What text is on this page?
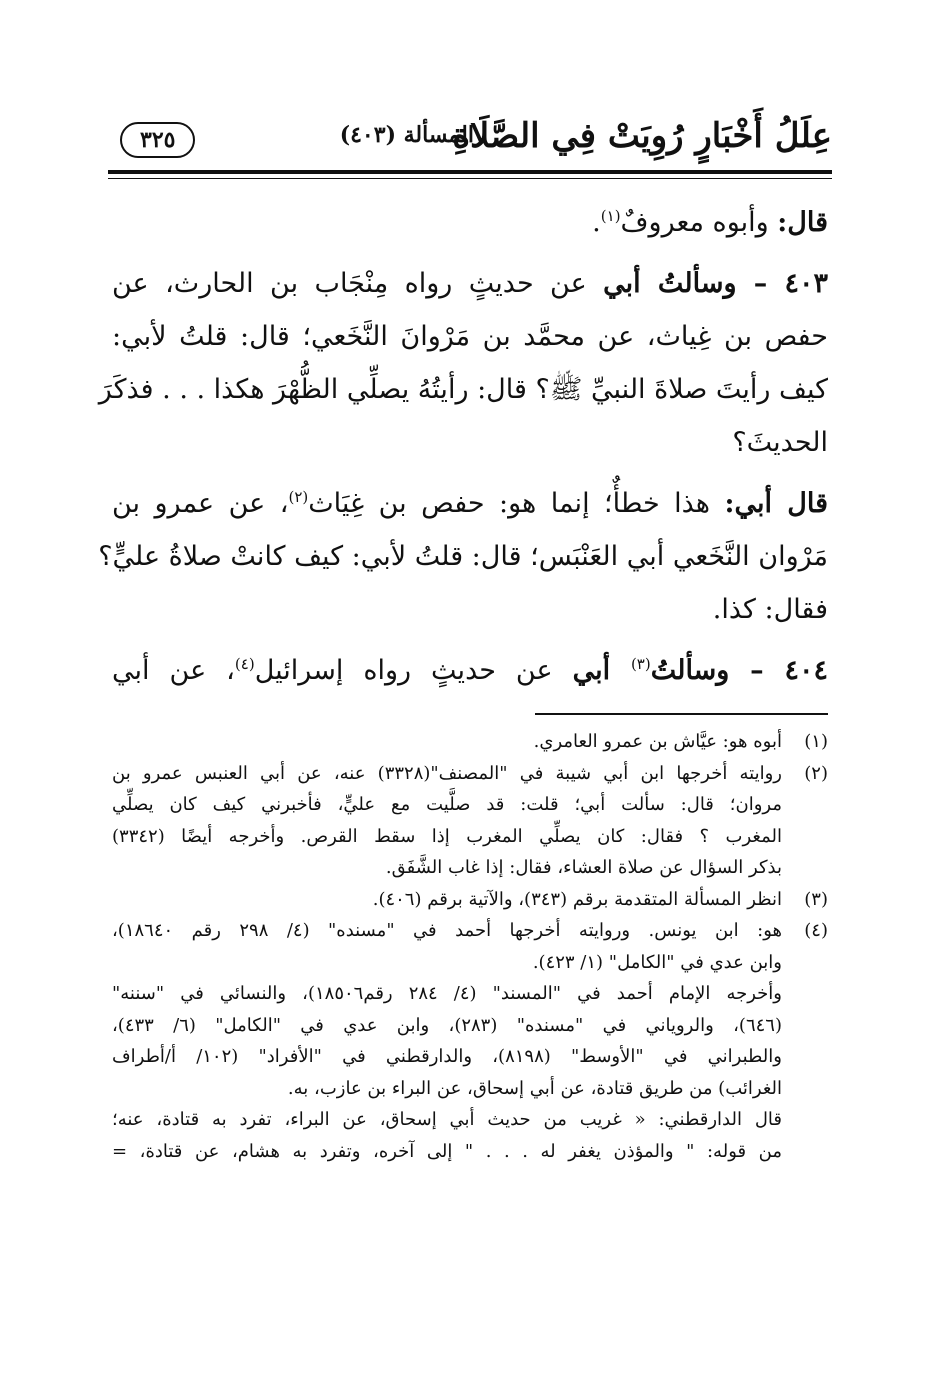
عِلَلُ أَخْبَارٍ رُوِيَتْ فِي الصَّلَاةِ
المسألة (٤٠٣)
٣٢٥

قال: وأبوه معروفٌ$^{(١)}$.

٤٠٣ – وسألتُ أبي عن حديثٍ رواه مِنْجَاب بن الحارث، عن
حفص بن غِياث، عن محمَّد بن مَرْوانَ النَّخَعي؛ قال: قلتُ لأبي:
كيف رأيتَ صلاةَ النبيِّ ﷺ؟ قال: رأيتُهُ يصلِّي الظُّهْرَ هكذا . . . فذكَرَ
الحديثَ؟

قال أبي: هذا خطأٌ؛ إنما هو: حفص بن غِيَاث$^{(٢)}$، عن عمرو بن
مَرْوان النَّخَعي أبي العَنْبَس؛ قال: قلتُ لأبي: كيف كانتْ صلاةُ عليٍّ؟
فقال: كذا.

٤٠٤ – وسألتُ$^{(٣)}$ أبي عن حديثٍ رواه إسرائيل$^{(٤)}$، عن أبي

(١)
أبوه هو: عيَّاش بن عمرو العامري.
(٢)
روايته أخرجها ابن أبي شيبة في "المصنف"(٣٣٢٨) عنه، عن أبي العنبس عمرو بن
مروان؛ قال: سألت أبي؛ قلت: قد صلَّيت مع عليٍّ، فأخبرني كيف كان يصلِّي
المغرب ؟ فقال: كان يصلِّي المغرب إذا سقط القرص. وأخرجه أيضًا (٣٣٤٢)
بذكر السؤال عن صلاة العشاء، فقال: إذا غاب الشَّفَق.
(٣)
انظر المسألة المتقدمة برقم (٣٤٣)، والآتية برقم (٤٠٦).
(٤)
هو: ابن يونس. وروايته أخرجها أحمد في "مسنده" (٤/ ٢٩٨ رقم ١٨٦٤٠)،
وابن عدي في "الكامل" (١/ ٤٢٣).
وأخرجه الإمام أحمد في "المسند" (٤/ ٢٨٤ رقم١٨٥٠٦)، والنسائي في "سننه"
(٦٤٦)، والروياني في "مسنده" (٢٨٣)، وابن عدي في "الكامل" (٦/ ٤٣٣)،
والطبراني في "الأوسط" (٨١٩٨)، والدارقطني في "الأفراد" (١٠٢/ أ/أطراف
الغرائب) من طريق قتادة، عن أبي إسحاق، عن البراء بن عازب، به.
قال الدارقطني: « غريب من حديث أبي إسحاق، عن البراء، تفرد به قتادة، عنه؛
من قوله: " والمؤذن يغفر له . . . " إلى آخره، وتفرد به هشام، عن قتادة، =
